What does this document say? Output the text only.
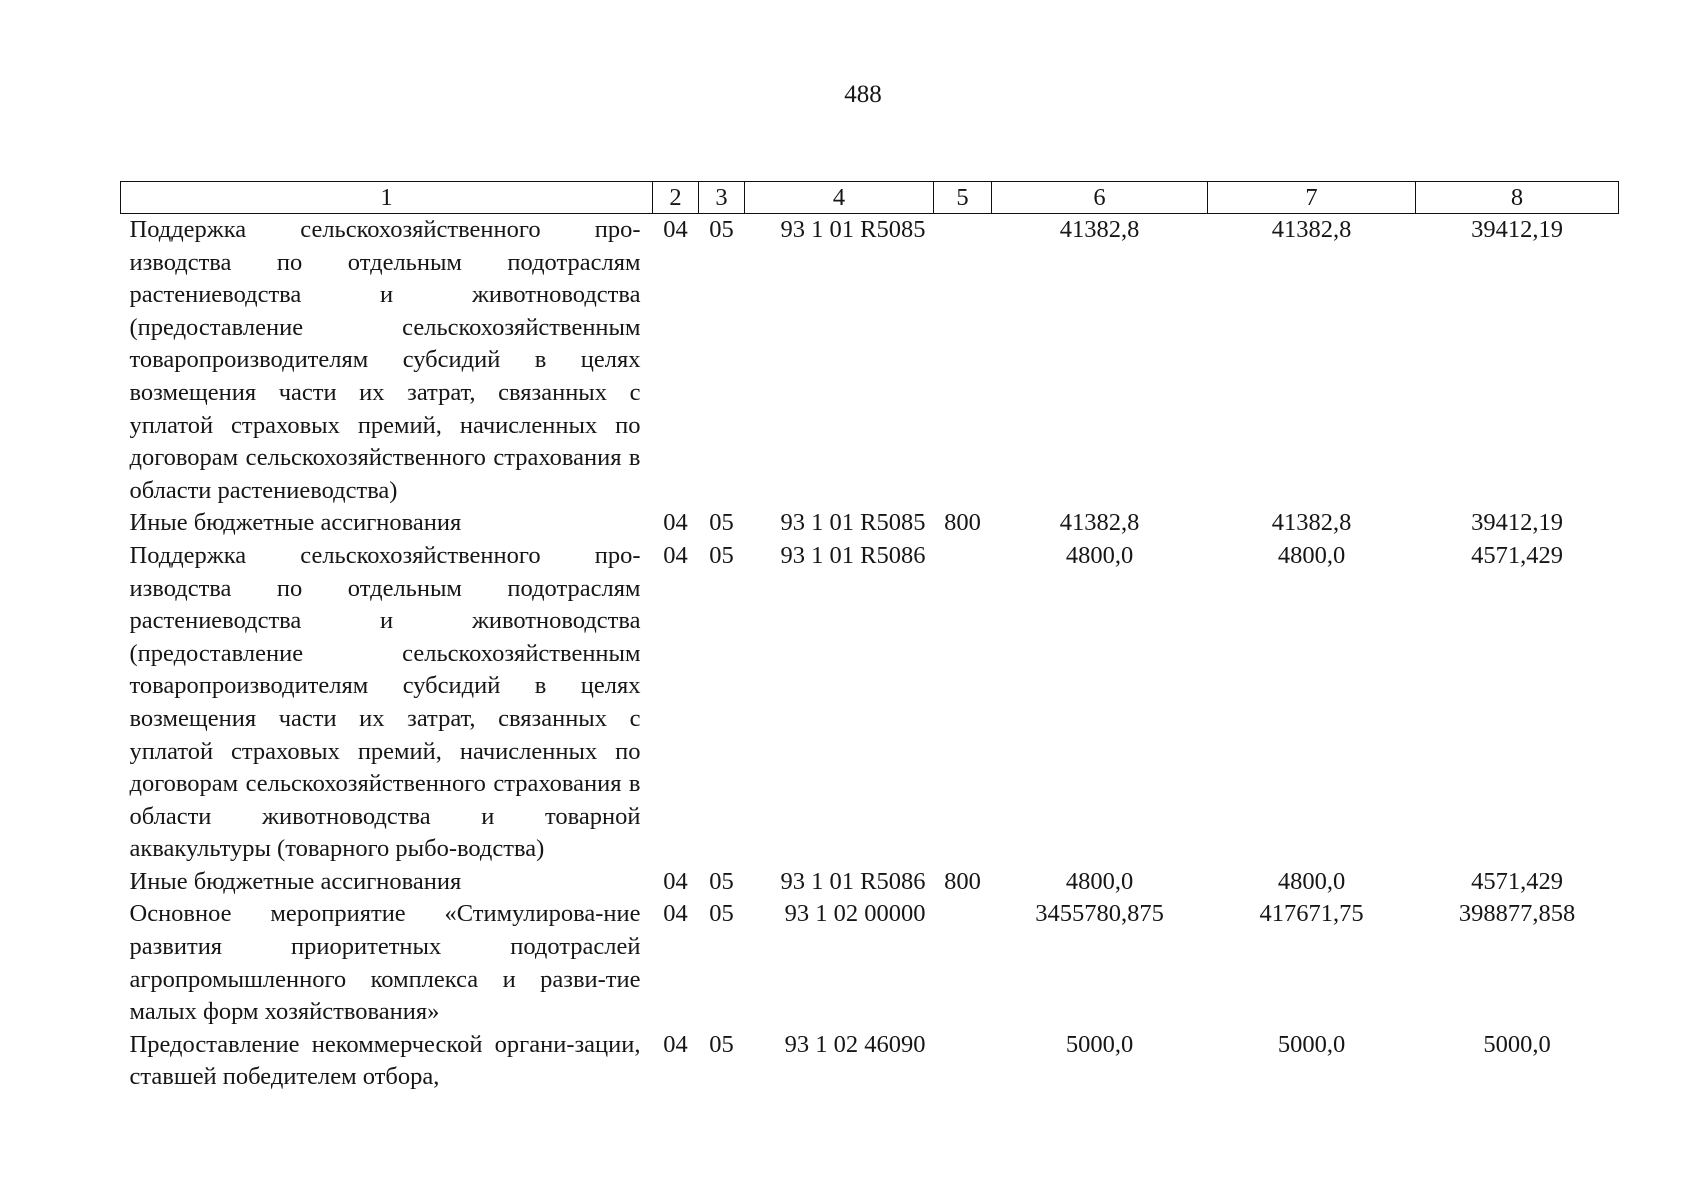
488
1	2	3	4	5	6	7	8
Поддержка сельскохозяйственного про-изводства по отдельным подотраслям растениеводства и животноводства (предоставление сельскохозяйственным товаропроизводителям субсидий в целях возмещения части их затрат, связанных с уплатой страховых премий, начисленных по договорам сельскохозяйственного страхования в области растениеводства)	04	05	93 1 01 R5085		41382,8	41382,8	39412,19
Иные бюджетные ассигнования	04	05	93 1 01 R5085	800	41382,8	41382,8	39412,19
Поддержка сельскохозяйственного про-изводства по отдельным подотраслям растениеводства и животноводства (предоставление сельскохозяйственным товаропроизводителям субсидий в целях возмещения части их затрат, связанных с уплатой страховых премий, начисленных по договорам сельскохозяйственного страхования в области животноводства и товарной аквакультуры (товарного рыбо-водства)	04	05	93 1 01 R5086		4800,0	4800,0	4571,429
Иные бюджетные ассигнования	04	05	93 1 01 R5086	800	4800,0	4800,0	4571,429
Основное мероприятие «Стимулирова-ние развития приоритетных подотраслей агропромышленного комплекса и разви-тие малых форм хозяйствования»	04	05	93 1 02 00000		3455780,875	417671,75	398877,858
Предоставление некоммерческой органи-зации, ставшей победителем отбора,	04	05	93 1 02 46090		5000,0	5000,0	5000,0
